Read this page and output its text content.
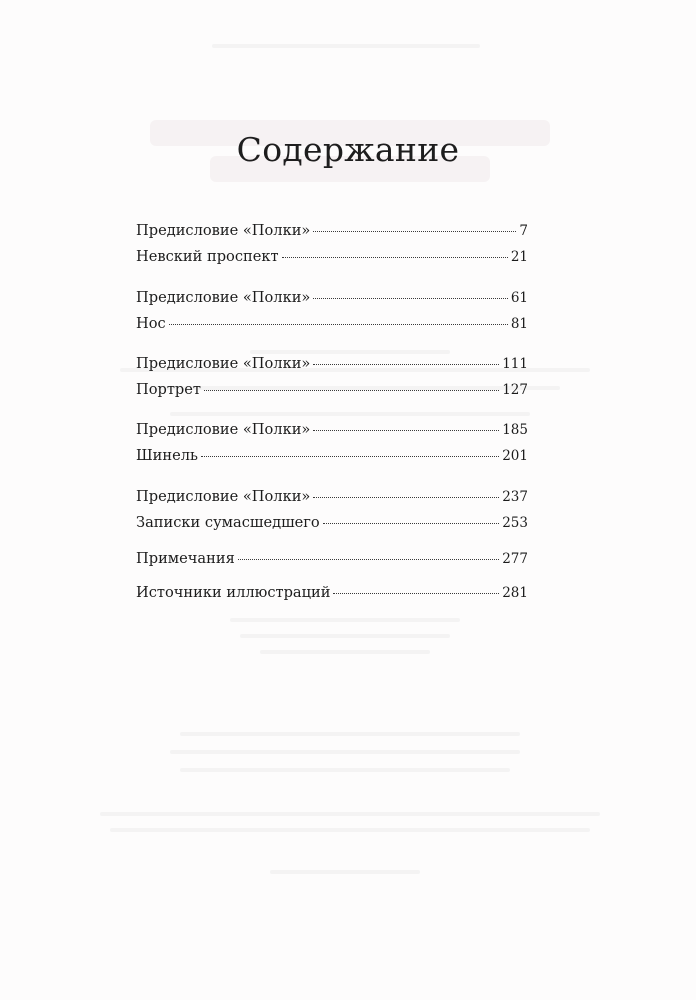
Содержание
Предисловие «Полки»	7
Невский проспект	21
Предисловие «Полки»	61
Нос	81
Предисловие «Полки»	111
Портрет	127
Предисловие «Полки»	185
Шинель	201
Предисловие «Полки»	237
Записки сумасшедшего	253
Примечания	277
Источники иллюстраций	281
